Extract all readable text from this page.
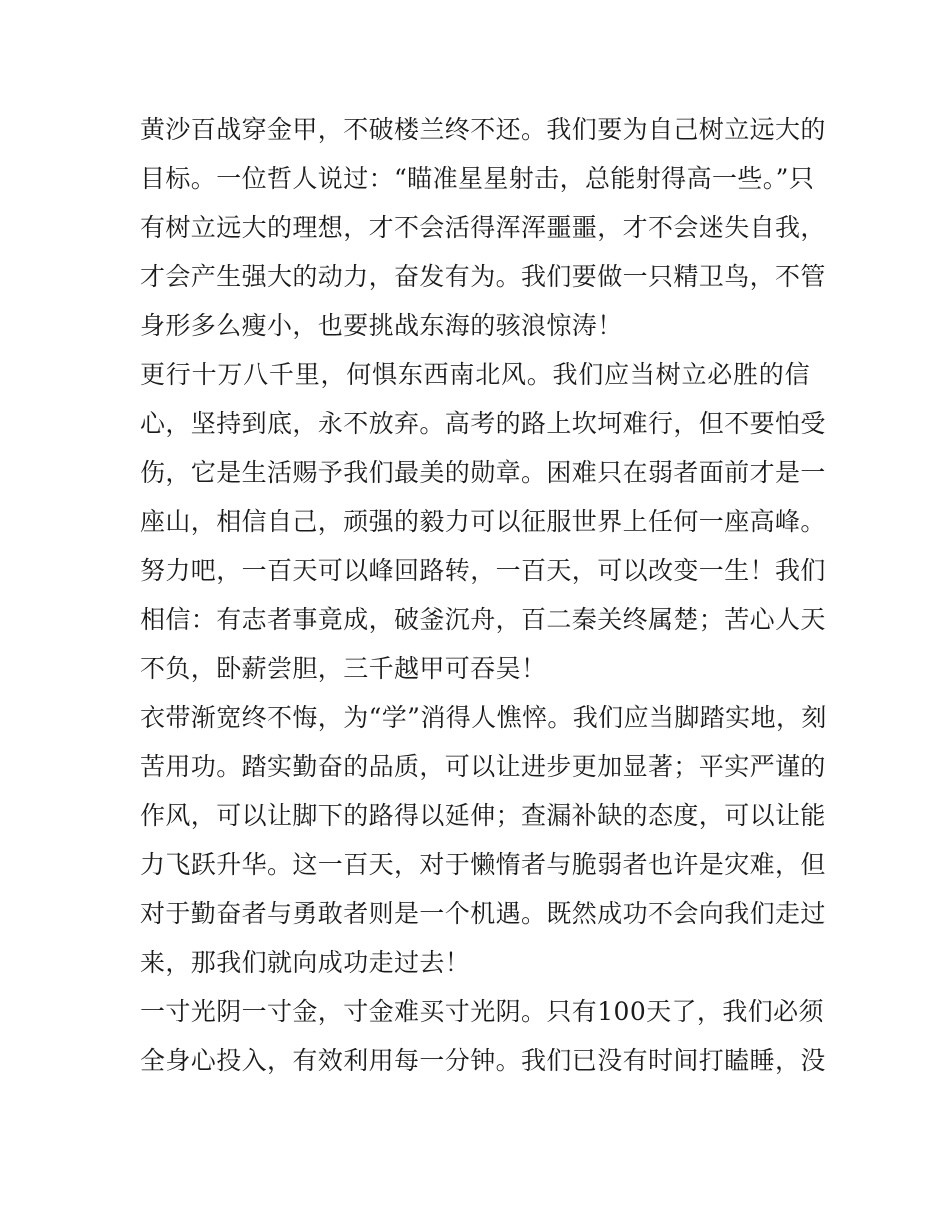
黄沙百战穿金甲，不破楼兰终不还。我们要为自己树立远大的
目标。一位哲人说过：“瞄准星星射击，总能射得高一些。”只
有树立远大的理想，才不会活得浑浑噩噩，才不会迷失自我，
才会产生强大的动力，奋发有为。我们要做一只精卫鸟，不管
身形多么瘦小，也要挑战东海的骇浪惊涛！
更行十万八千里，何惧东西南北风。我们应当树立必胜的信
心，坚持到底，永不放弃。高考的路上坎坷难行，但不要怕受
伤，它是生活赐予我们最美的勋章。困难只在弱者面前才是一
座山，相信自己，顽强的毅力可以征服世界上任何一座高峰。
努力吧，一百天可以峰回路转，一百天，可以改变一生！我们
相信：有志者事竟成，破釜沉舟，百二秦关终属楚；苦心人天
不负，卧薪尝胆，三千越甲可吞吴！
衣带渐宽终不悔，为“学”消得人憔悴。我们应当脚踏实地，刻
苦用功。踏实勤奋的品质，可以让进步更加显著；平实严谨的
作风，可以让脚下的路得以延伸；查漏补缺的态度，可以让能
力飞跃升华。这一百天，对于懒惰者与脆弱者也许是灾难，但
对于勤奋者与勇敢者则是一个机遇。既然成功不会向我们走过
来，那我们就向成功走过去！
一寸光阴一寸金，寸金难买寸光阴。只有100天了，我们必须
全身心投入，有效利用每一分钟。我们已没有时间打瞌睡，没
